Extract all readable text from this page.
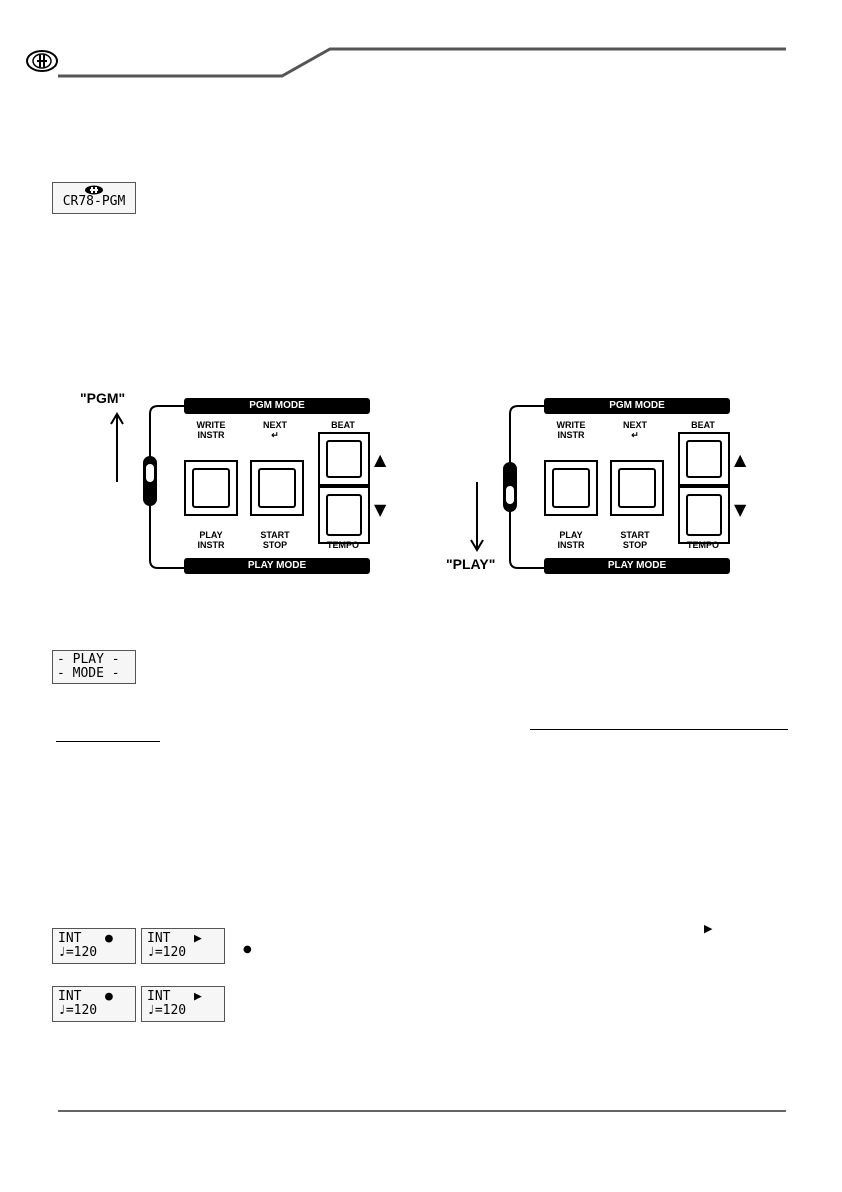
CR78-PGM
"PGM"	PGM MODE
WRITE
INSTR
NEXT
↵
BEAT
▲
▼
PLAY
INSTR
START
STOP	TEMPO
PLAY MODE	"PLAY"
PGM MODE
WRITE
INSTR
NEXT
↵
BEAT
▲
▼
PLAY
INSTR
START
STOP	TEMPO
PLAY MODE
- PLAY -
- MODE -
INT   ●
♩=120
INT   ▶
♩=120	●
▶
INT   ●
♩=120
INT   ▶
♩=120
